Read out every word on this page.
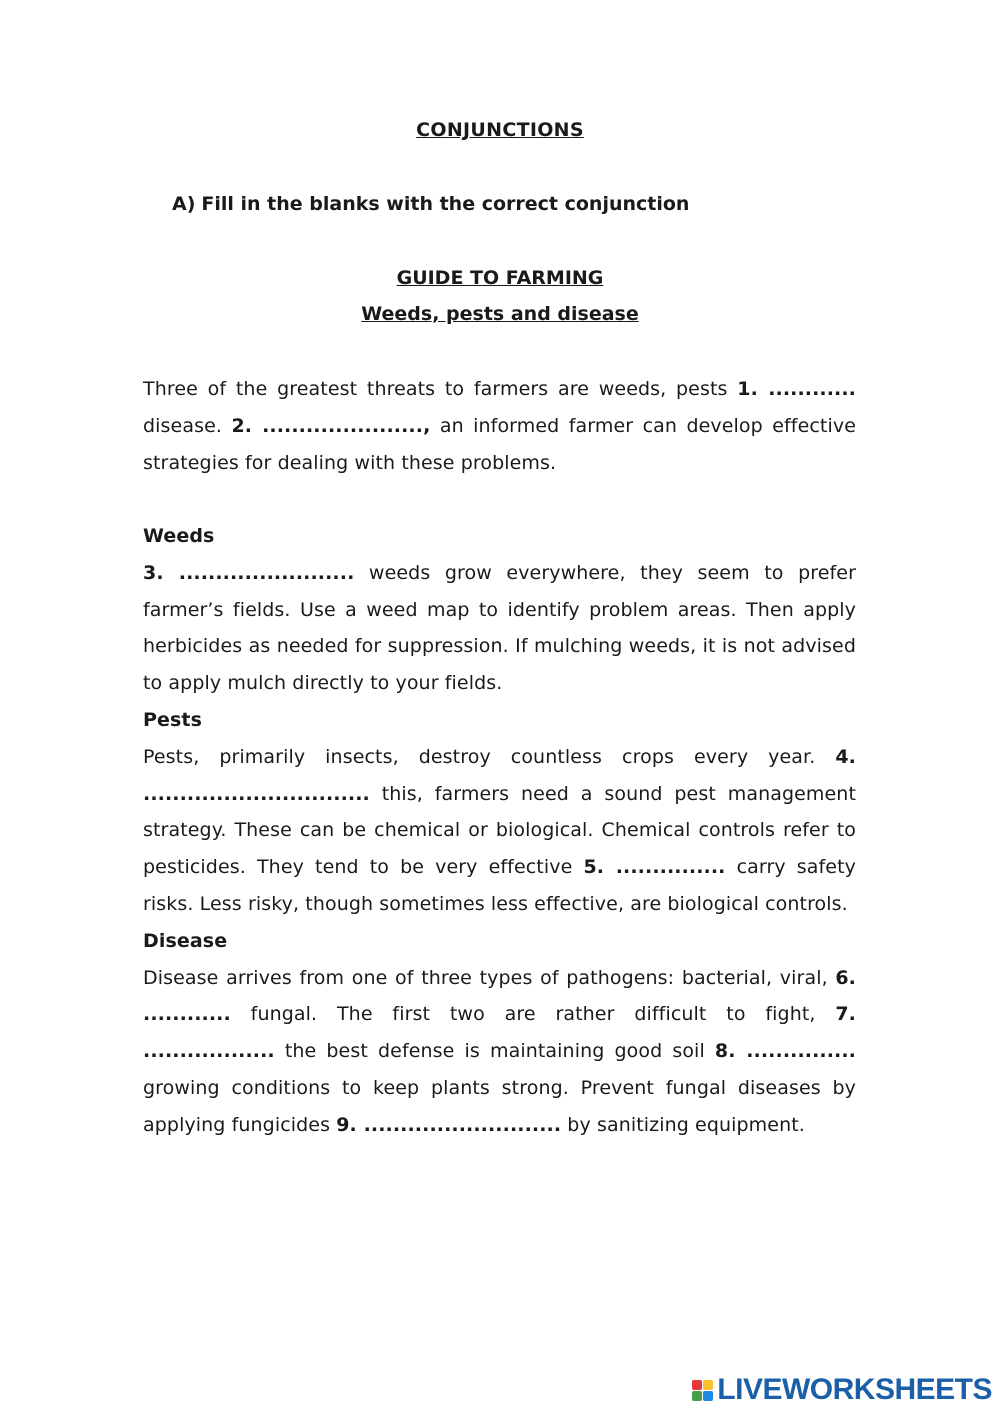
CONJUNCTIONS
A) Fill in the blanks with the correct conjunction
GUIDE TO FARMING
Weeds, pests and disease

Three of the greatest threats to farmers are weeds, pests 1. ............ disease. 2. ......................, an informed farmer can develop effective strategies for dealing with these problems.

Weeds

3. ........................ weeds grow everywhere, they seem to prefer farmer’s fields. Use a weed map to identify problem areas. Then apply herbicides as needed for suppression. If mulching weeds, it is not advised to apply mulch directly to your fields.

Pests

Pests, primarily insects, destroy countless crops every year. 4. ............................... this, farmers need a sound pest management strategy. These can be chemical or biological. Chemical controls refer to pesticides. They tend to be very effective 5. ............... carry safety risks. Less risky, though sometimes less effective, are biological controls.

Disease

Disease arrives from one of three types of pathogens: bacterial, viral, 6. ............ fungal. The first two are rather difficult to fight, 7. .................. the best defense is maintaining good soil 8. ............... growing conditions to keep plants strong. Prevent fungal diseases by applying fungicides 9. ........................... by sanitizing equipment.

LIVEWORKSHEETS
